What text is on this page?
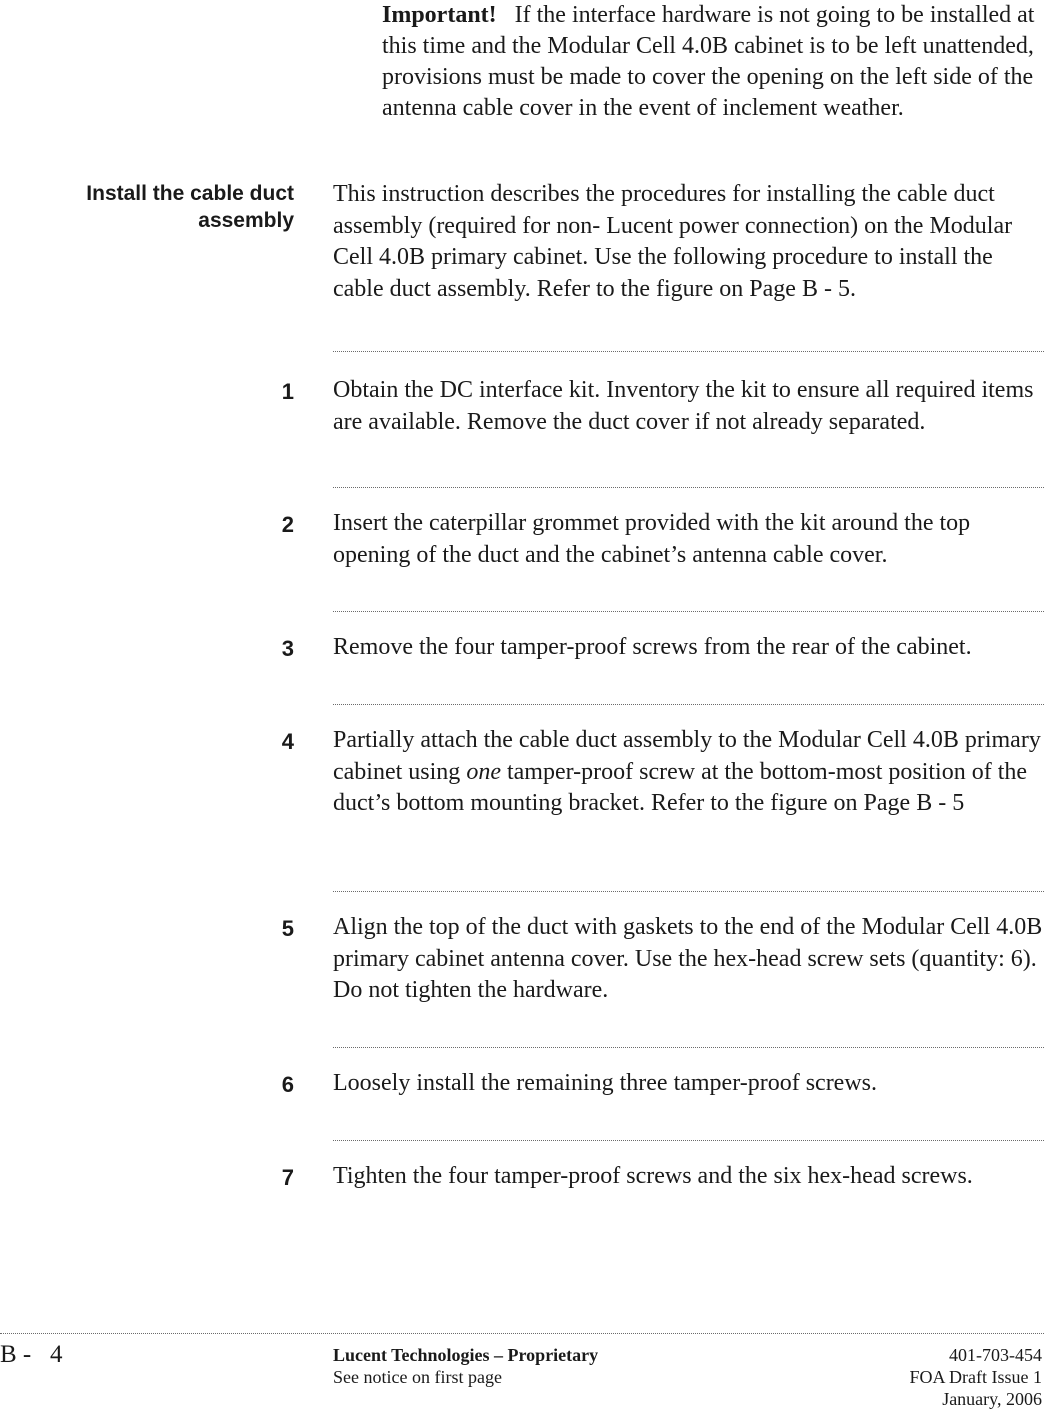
Important! If the interface hardware is not going to be installed at this time and the Modular Cell 4.0B cabinet is to be left unattended, provisions must be made to cover the opening on the left side of the antenna cable cover in the event of inclement weather.

Install the cable duct
assembly

This instruction describes the procedures for installing the cable duct assembly (required for non- Lucent power connection) on the Modular Cell 4.0B primary cabinet. Use the following procedure to install the cable duct assembly. Refer to the figure on Page B - 5.

1 Obtain the DC interface kit. Inventory the kit to ensure all required items are available. Remove the duct cover if not already separated.

2 Insert the caterpillar grommet provided with the kit around the top opening of the duct and the cabinet’s antenna cable cover.

3 Remove the four tamper-proof screws from the rear of the cabinet.

4 Partially attach the cable duct assembly to the Modular Cell 4.0B primary cabinet using one tamper-proof screw at the bottom-most position of the duct’s bottom mounting bracket. Refer to the figure on Page B - 5

5 Align the top of the duct with gaskets to the end of the Modular Cell 4.0B primary cabinet antenna cover. Use the hex-head screw sets (quantity: 6). Do not tighten the hardware.

6 Loosely install the remaining three tamper-proof screws.

7 Tighten the four tamper-proof screws and the six hex-head screws.

B -   4	Lucent Technologies – Proprietary
See notice on first page
401-703-454
FOA Draft Issue 1
January, 2006
